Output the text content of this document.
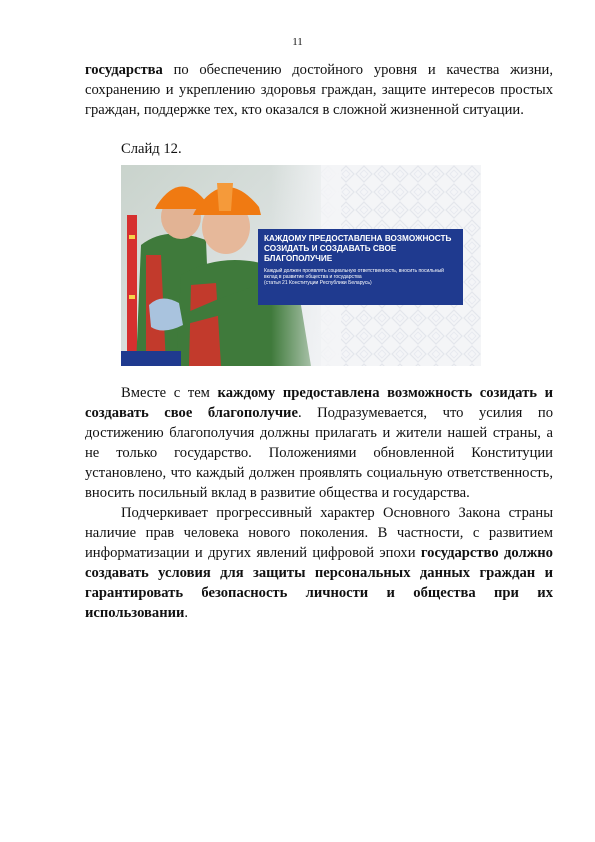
11

государства по обеспечению достойного уровня и качества жизни, сохранению и укреплению здоровья граждан, защите интересов простых граждан, поддержке тех, кто оказался в сложной жизненной ситуации.

Слайд 12.

КАЖДОМУ ПРЕДОСТАВЛЕНА ВОЗМОЖНОСТЬ СОЗИДАТЬ И СОЗДАВАТЬ СВОЕ БЛАГОПОЛУЧИЕ

Каждый должен проявлять социальную ответственность, вносить посильный вклад в развитие общества и государства
(статья 21 Конституции Республики Беларусь)

Вместе с тем каждому предоставлена возможность созидать и создавать свое благополучие. Подразумевается, что усилия по достижению благополучия должны прилагать и жители нашей страны, а не только государство. Положениями обновленной Конституции установлено, что каждый должен проявлять социальную ответственность, вносить посильный вклад в развитие общества и государства.

Подчеркивает прогрессивный характер Основного Закона страны наличие прав человека нового поколения. В частности, с развитием информатизации и других явлений цифровой эпохи государство должно создавать условия для защиты персональных данных граждан и гарантировать безопасность личности и общества при их использовании.
